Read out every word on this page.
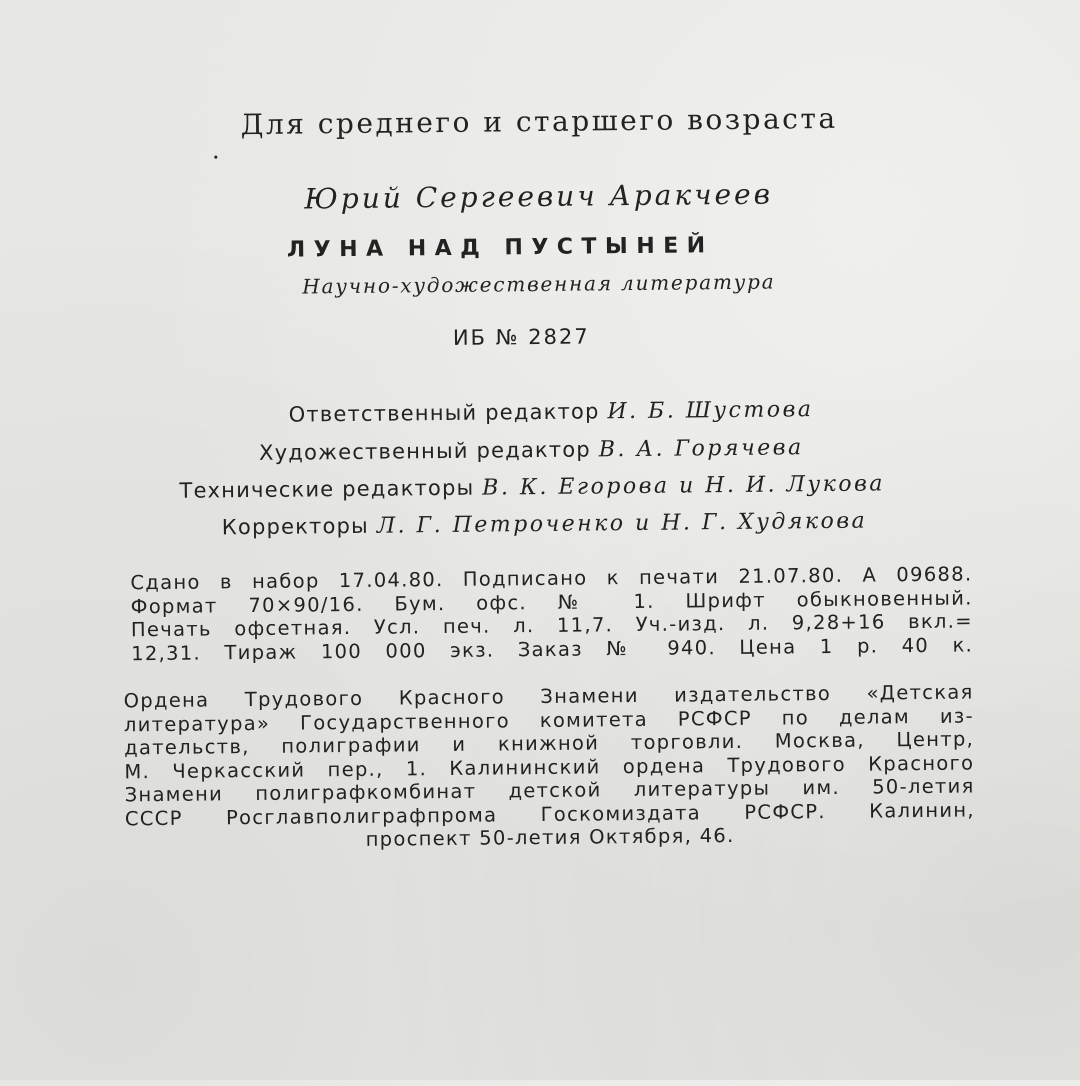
.

Для среднего и старшего возраста

Юрий Сергеевич Аракчеев

ЛУНА НАД ПУСТЫНЕЙ

Научно-художественная литература

ИБ № 2827

Ответственный редактор И. Б. Шустова

Художественный редактор В. А. Горячева

Технические редакторы В. К. Егорова и Н. И. Лукова

Корректоры Л. Г. Петроченко и Н. Г. Худякова

Сдано в набор 17.04.80. Подписано к печати 21.07.80. А 09688.
Формат 70×90/16. Бум. офс. № 1. Шрифт обыкновенный.
Печать офсетная. Усл. печ. л. 11,7. Уч.-изд. л. 9,28+16 вкл.=
12,31. Тираж 100 000 экз. Заказ № 940. Цена 1 р. 40 к.
Ордена Трудового Красного Знамени издательство «Детская
литература» Государственного комитета РСФСР по делам из-
дательств, полиграфии и книжной торговли. Москва, Центр,
М. Черкасский пер., 1. Калининский ордена Трудового Красного
Знамени полиграфкомбинат детской литературы им. 50-летия
СССР Росглавполиграфпрома Госкомиздата РСФСР. Калинин,
проспект 50-летия Октября, 46.
